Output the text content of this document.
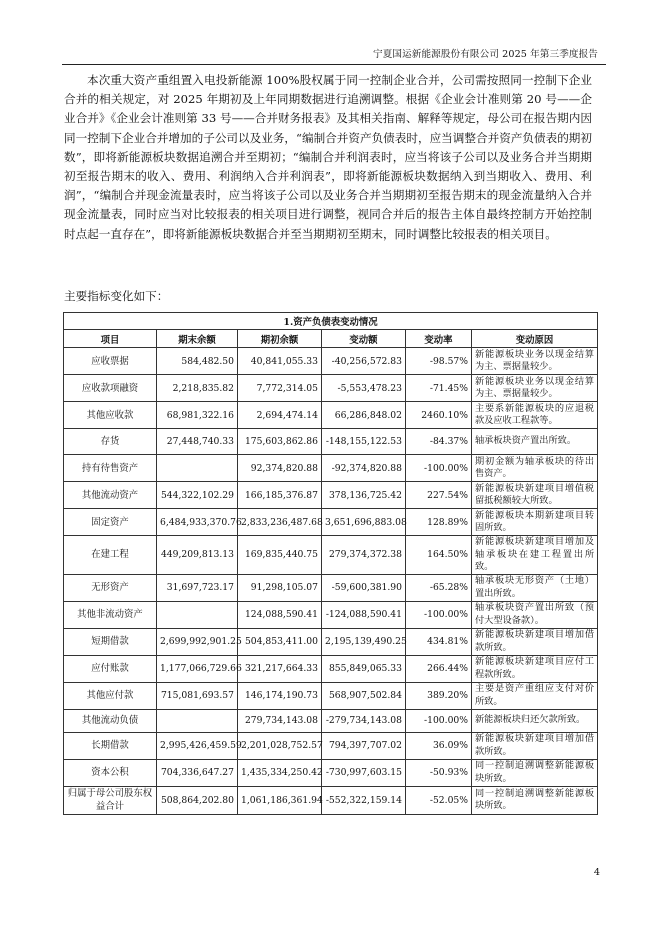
宁夏国运新能源股份有限公司 2025 年第三季度报告

本次重大资产重组置入电投新能源 100%股权属于同一控制企业合并，公司需按照同一控制下企业合并的相关规定，对 2025 年期初及上年同期数据进行追溯调整。根据《企业会计准则第 20 号——企业合并》《企业会计准则第 33 号——合并财务报表》及其相关指南、解释等规定，母公司在报告期内因同一控制下企业合并增加的子公司以及业务，“编制合并资产负债表时，应当调整合并资产负债表的期初数”，即将新能源板块数据追溯合并至期初；“编制合并利润表时，应当将该子公司以及业务合并当期期初至报告期末的收入、费用、利润纳入合并利润表”，即将新能源板块数据纳入到当期收入、费用、利润”，“编制合并现金流量表时，应当将该子公司以及业务合并当期期初至报告期末的现金流量纳入合并现金流量表，同时应当对比较报表的相关项目进行调整，视同合并后的报告主体自最终控制方开始控制时点起一直存在”，即将新能源板块数据合并至当期期初至期末，同时调整比较报表的相关项目。

主要指标变化如下：
1.资产负债表变动情况					
项目	期末余额	期初余额	变动额	变动率	变动原因
应收票据	584,482.50	40,841,055.33	-40,256,572.83	-98.57%	新能源板块业务以现金结算为主、票据量较少。
应收款项融资	2,218,835.82	7,772,314.05	-5,553,478.23	-71.45%	新能源板块业务以现金结算为主、票据量较少。
其他应收款	68,981,322.16	2,694,474.14	66,286,848.02	2460.10%	主要系新能源板块的应退税款及应收工程款等。
存货	27,448,740.33	175,603,862.86	-148,155,122.53	-84.37%	轴承板块资产置出所致。
持有待售资产		92,374,820.88	-92,374,820.88	-100.00%	期初金额为轴承板块的待出售资产。
其他流动资产	544,322,102.29	166,185,376.87	378,136,725.42	227.54%	新能源板块新建项目增值税留抵税额较大所致。
固定资产	6,484,933,370.76	2,833,236,487.68	3,651,696,883.08	128.89%	新能源板块本期新建项目转固所致。
在建工程	449,209,813.13	169,835,440.75	279,374,372.38	164.50%	新能源板块新建项目增加及轴承板块在建工程置出所致。
无形资产	31,697,723.17	91,298,105.07	-59,600,381.90	-65.28%	轴承板块无形资产（土地）置出所致。
其他非流动资产		124,088,590.41	-124,088,590.41	-100.00%	轴承板块资产置出所致（预付大型设备款）。
短期借款	2,699,992,901.25	504,853,411.00	2,195,139,490.25	434.81%	新能源板块新建项目增加借款所致。
应付账款	1,177,066,729.66	321,217,664.33	855,849,065.33	266.44%	新能源板块新建项目应付工程款所致。
其他应付款	715,081,693.57	146,174,190.73	568,907,502.84	389.20%	主要是资产重组应支付对价所致。
其他流动负债		279,734,143.08	-279,734,143.08	-100.00%	新能源板块归还欠款所致。
长期借款	2,995,426,459.59	2,201,028,752.57	794,397,707.02	36.09%	新能源板块新建项目增加借款所致。
资本公积	704,336,647.27	1,435,334,250.42	-730,997,603.15	-50.93%	同一控制追溯调整新能源板块所致。
归属于母公司股东权益合计	508,864,202.80	1,061,186,361.94	-552,322,159.14	-52.05%	同一控制追溯调整新能源板块所致。
4
